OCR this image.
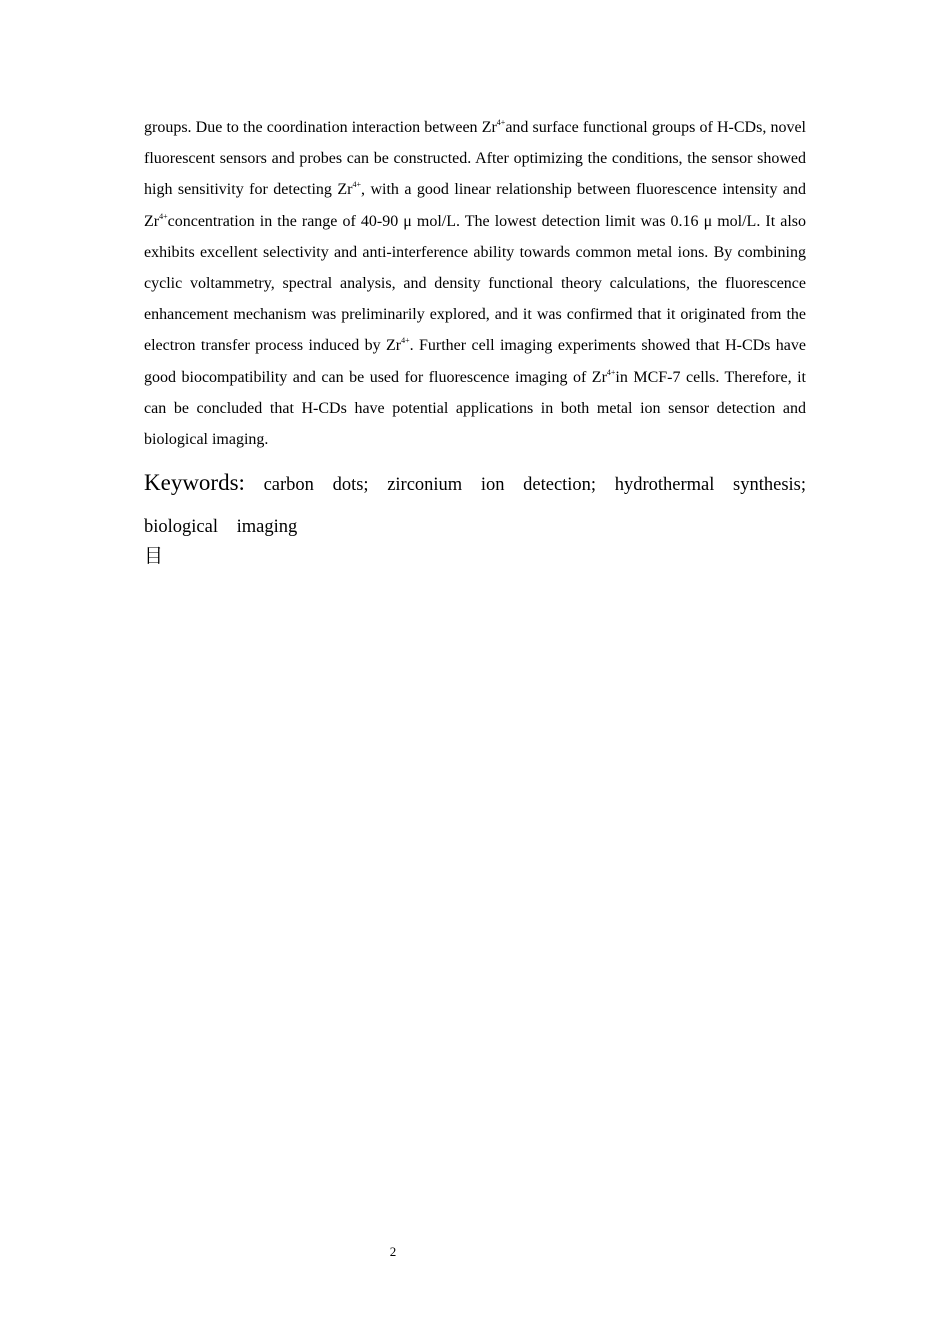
groups. Due to the coordination interaction between $Zr^{4+}and$ surface functional groups of H-CDs, novel fluorescent sensors and probes can be constructed. After optimizing the conditions, the sensor showed high sensitivity for detecting $Zr^{4+}$, with a good linear relationship between fluorescence intensity and $Zr^{4+}concentration$ in the range of 40-90 μ mol/L. The lowest detection limit was 0.16 μ mol/L. It also exhibits excellent selectivity and anti-interference ability towards common metal ions. By combining cyclic voltammetry, spectral analysis, and density functional theory calculations, the fluorescence enhancement mechanism was preliminarily explored, and it was confirmed that it originated from the electron transfer process induced by $Zr^{4+}$. Further cell imaging experiments showed that H-CDs have good biocompatibility and can be used for fluorescence imaging of $Zr^{4+}in$ MCF-7 cells. Therefore, it can be concluded that H-CDs have potential applications in both metal ion sensor detection and biological imaging.

Keywords: carbon dots; zirconium ion detection; hydrothermal synthesis; biological imaging

目
2
